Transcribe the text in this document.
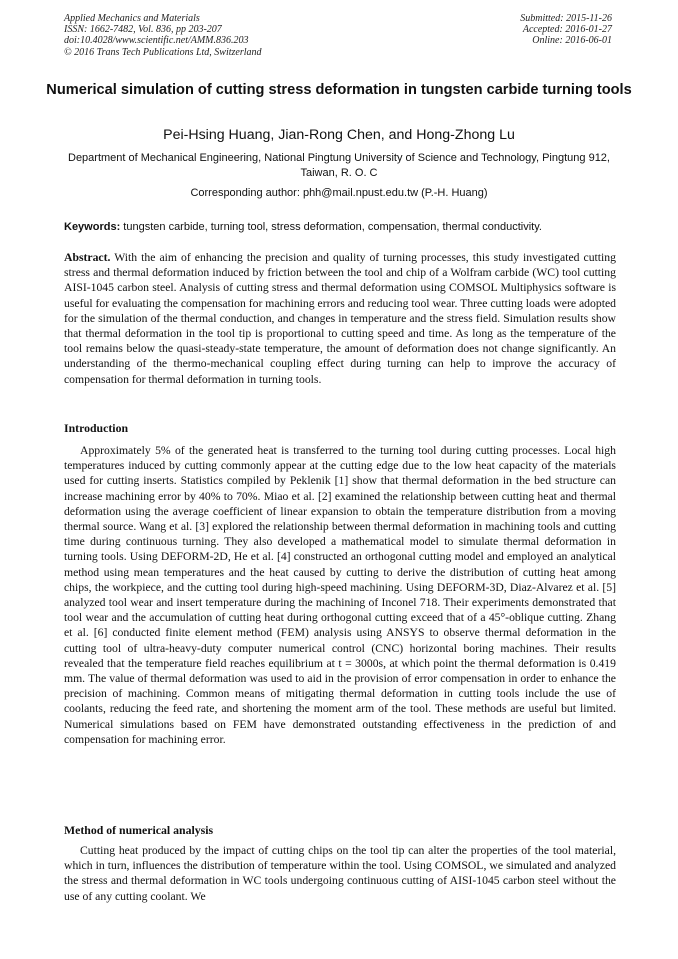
Applied Mechanics and Materials
ISSN: 1662-7482, Vol. 836, pp 203-207
doi:10.4028/www.scientific.net/AMM.836.203
© 2016 Trans Tech Publications Ltd, Switzerland
Submitted: 2015-11-26
Accepted: 2016-01-27
Online: 2016-06-01
Numerical simulation of cutting stress deformation in tungsten carbide turning tools
Pei-Hsing Huang, Jian-Rong Chen, and Hong-Zhong Lu
Department of Mechanical Engineering, National Pingtung University of Science and Technology, Pingtung 912, Taiwan, R. O. C
Corresponding author: phh@mail.npust.edu.tw (P.-H. Huang)
Keywords: tungsten carbide, turning tool, stress deformation, compensation, thermal conductivity.

Abstract. With the aim of enhancing the precision and quality of turning processes, this study investigated cutting stress and thermal deformation induced by friction between the tool and chip of a Wolfram carbide (WC) tool cutting AISI-1045 carbon steel. Analysis of cutting stress and thermal deformation using COMSOL Multiphysics software is useful for evaluating the compensation for machining errors and reducing tool wear. Three cutting loads were adopted for the simulation of the thermal conduction, and changes in temperature and the stress field. Simulation results show that thermal deformation in the tool tip is proportional to cutting speed and time. As long as the temperature of the tool remains below the quasi-steady-state temperature, the amount of deformation does not change significantly. An understanding of the thermo-mechanical coupling effect during turning can help to improve the accuracy of compensation for thermal deformation in turning tools.

Introduction

Approximately 5% of the generated heat is transferred to the turning tool during cutting processes. Local high temperatures induced by cutting commonly appear at the cutting edge due to the low heat capacity of the materials used for cutting inserts. Statistics compiled by Peklenik [1] show that thermal deformation in the bed structure can increase machining error by 40% to 70%. Miao et al. [2] examined the relationship between cutting heat and thermal deformation using the average coefficient of linear expansion to obtain the temperature distribution from a moving thermal source. Wang et al. [3] explored the relationship between thermal deformation in machining tools and cutting time during continuous turning. They also developed a mathematical model to simulate thermal deformation in turning tools. Using DEFORM-2D, He et al. [4] constructed an orthogonal cutting model and employed an analytical method using mean temperatures and the heat caused by cutting to derive the distribution of cutting heat among chips, the workpiece, and the cutting tool during high-speed machining. Using DEFORM-3D, Diaz-Alvarez et al. [5] analyzed tool wear and insert temperature during the machining of Inconel 718. Their experiments demonstrated that tool wear and the accumulation of cutting heat during orthogonal cutting exceed that of a 45°-oblique cutting. Zhang et al. [6] conducted finite element method (FEM) analysis using ANSYS to observe thermal deformation in the cutting tool of ultra-heavy-duty computer numerical control (CNC) horizontal boring machines. Their results revealed that the temperature field reaches equilibrium at t = 3000s, at which point the thermal deformation is 0.419 mm. The value of thermal deformation was used to aid in the provision of error compensation in order to enhance the precision of machining. Common means of mitigating thermal deformation in cutting tools include the use of coolants, reducing the feed rate, and shortening the moment arm of the tool. These methods are useful but limited. Numerical simulations based on FEM have demonstrated outstanding effectiveness in the prediction of and compensation for machining error.

Method of numerical analysis

Cutting heat produced by the impact of cutting chips on the tool tip can alter the properties of the tool material, which in turn, influences the distribution of temperature within the tool. Using COMSOL, we simulated and analyzed the stress and thermal deformation in WC tools undergoing continuous cutting of AISI-1045 carbon steel without the use of any cutting coolant. We
